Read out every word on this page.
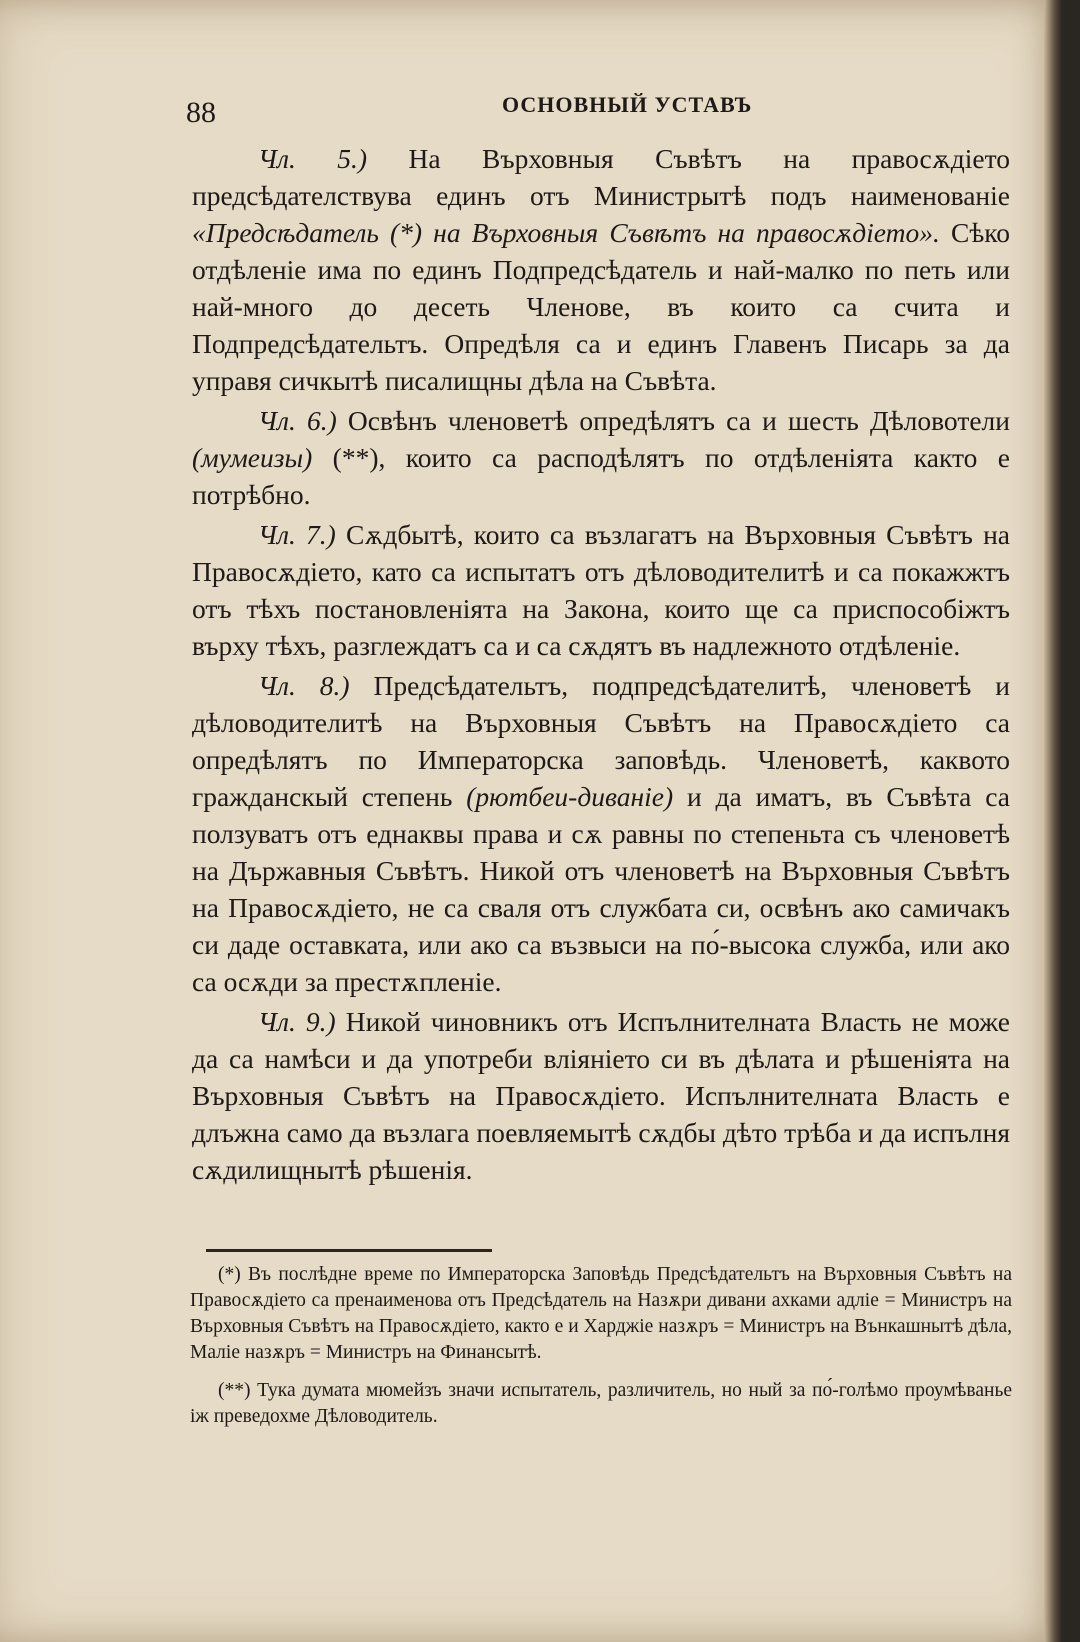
88	ОСНОВНЫЙ УСТАВЪ

Чл. 5.) На Върховныя Съвѣтъ на правосѫдіето предсѣдателствува единъ отъ Министрытѣ подъ наименованіе «Предсѣдатель (*) на Върховныя Съвѣтъ на правосѫдіето». Сѣко отдѣленіе има по единъ Подпредсѣдатель и най-малко по петь или най-много до десеть Членове, въ които са счита и Подпредсѣдательтъ. Опредѣля са и единъ Главенъ Писарь за да управя сичкытѣ писалищны дѣла на Съвѣта.

Чл. 6.) Освѣнъ членоветѣ опредѣлятъ са и шесть Дѣловотели (мумеизы) (**), които са расподѣлятъ по отдѣленіята както е потрѣбно.

Чл. 7.) Сѫдбытѣ, които са възлагатъ на Върховныя Съвѣтъ на Правосѫдіето, като са испытатъ отъ дѣловодителитѣ и са покажжтъ отъ тѣхъ постановленіята на Закона, които ще са приспособіжтъ върху тѣхъ, разглеждатъ са и са сѫдятъ въ надлежното отдѣленіе.

Чл. 8.) Предсѣдательтъ, подпредсѣдателитѣ, членоветѣ и дѣловодителитѣ на Върховныя Съвѣтъ на Правосѫдіето са опредѣлятъ по Императорска заповѣдь. Членоветѣ, каквото гражданскый степень (рютбеи-диваніе) и да иматъ, въ Съвѣта са ползуватъ отъ еднаквы права и сѫ равны по степеньта съ членоветѣ на Държавныя Съвѣтъ. Никой отъ членоветѣ на Върховныя Съвѣтъ на Правосѫдіето, не са сваля отъ службата си, освѣнъ ако самичакъ си даде оставката, или ако са възвыси на по́-высока служба, или ако са осѫди за престѫпленіе.

Чл. 9.) Никой чиновникъ отъ Испълнителната Власть не може да са намѣси и да употреби вліяніето си въ дѣлата и рѣшеніята на Върховныя Съвѣтъ на Правосѫдіето. Испълнителната Власть е длъжна само да възлага поевляемытѣ сѫдбы дѣто трѣба и да испълня сѫдилищнытѣ рѣшенія.

(*) Въ послѣдне време по Императорска Заповѣдь Предсѣдательтъ на Върховныя Съвѣтъ на Правосѫдіето са пренаименова отъ Предсѣдатель на Назѫри дивани ахками адліе = Министръ на Върховныя Съвѣтъ на Правосѫдіето, както е и Харджіе назѫръ = Министръ на Вънкашнытѣ дѣла, Маліе назѫръ = Министръ на Финансытѣ.

(**) Тука думата мюмейзъ значи испытатель, различитель, но ный за по́-голѣмо проумѣванье іж преведохме Дѣловодитель.
